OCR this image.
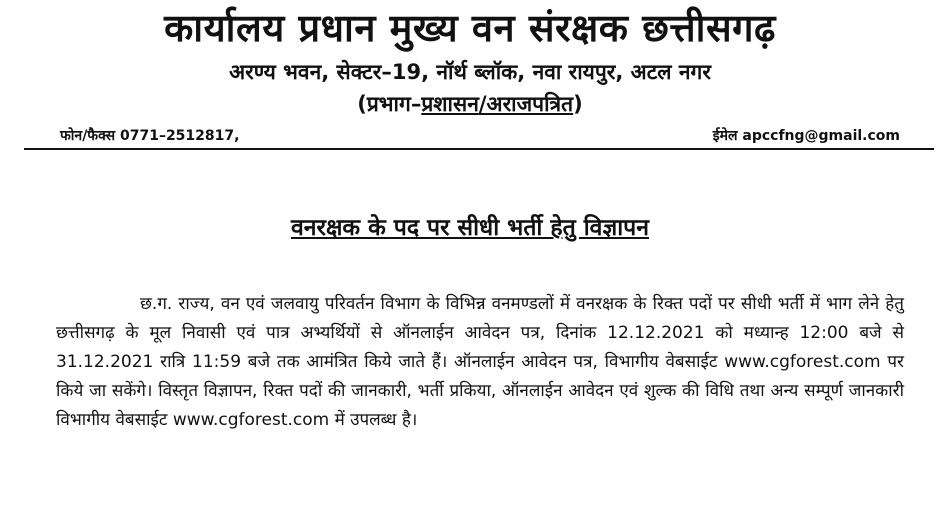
कार्यालय प्रधान मुख्य वन संरक्षक छत्तीसगढ़
अरण्य भवन, सेक्टर–19, नॉर्थ ब्लॉक, नवा रायपुर, अटल नगर
(प्रभाग–प्रशासन/अराजपत्रित)
फोन/फैक्स 0771–2512817,	ईमेल apccfng@gmail.com
वनरक्षक के पद पर सीधी भर्ती हेतु विज्ञापन

छ.ग. राज्य, वन एवं जलवायु परिवर्तन विभाग के विभिन्न वनमण्डलों में वनरक्षक के रिक्त पदों पर सीधी भर्ती में भाग लेने हेतु छत्तीसगढ़ के मूल निवासी एवं पात्र अभ्यर्थियों से ऑनलाईन आवेदन पत्र, दिनांक 12.12.2021 को मध्यान्ह 12:00 बजे से 31.12.2021 रात्रि 11:59 बजे तक आमंत्रित किये जाते हैं। ऑनलाईन आवेदन पत्र, विभागीय वेबसाईट www.cgforest.com पर किये जा सकेंगे। विस्तृत विज्ञापन, रिक्त पदों की जानकारी, भर्ती प्रकिया, ऑनलाईन आवेदन एवं शुल्क की विधि तथा अन्य सम्पूर्ण जानकारी विभागीय वेबसाईट www.cgforest.com में उपलब्ध है।
